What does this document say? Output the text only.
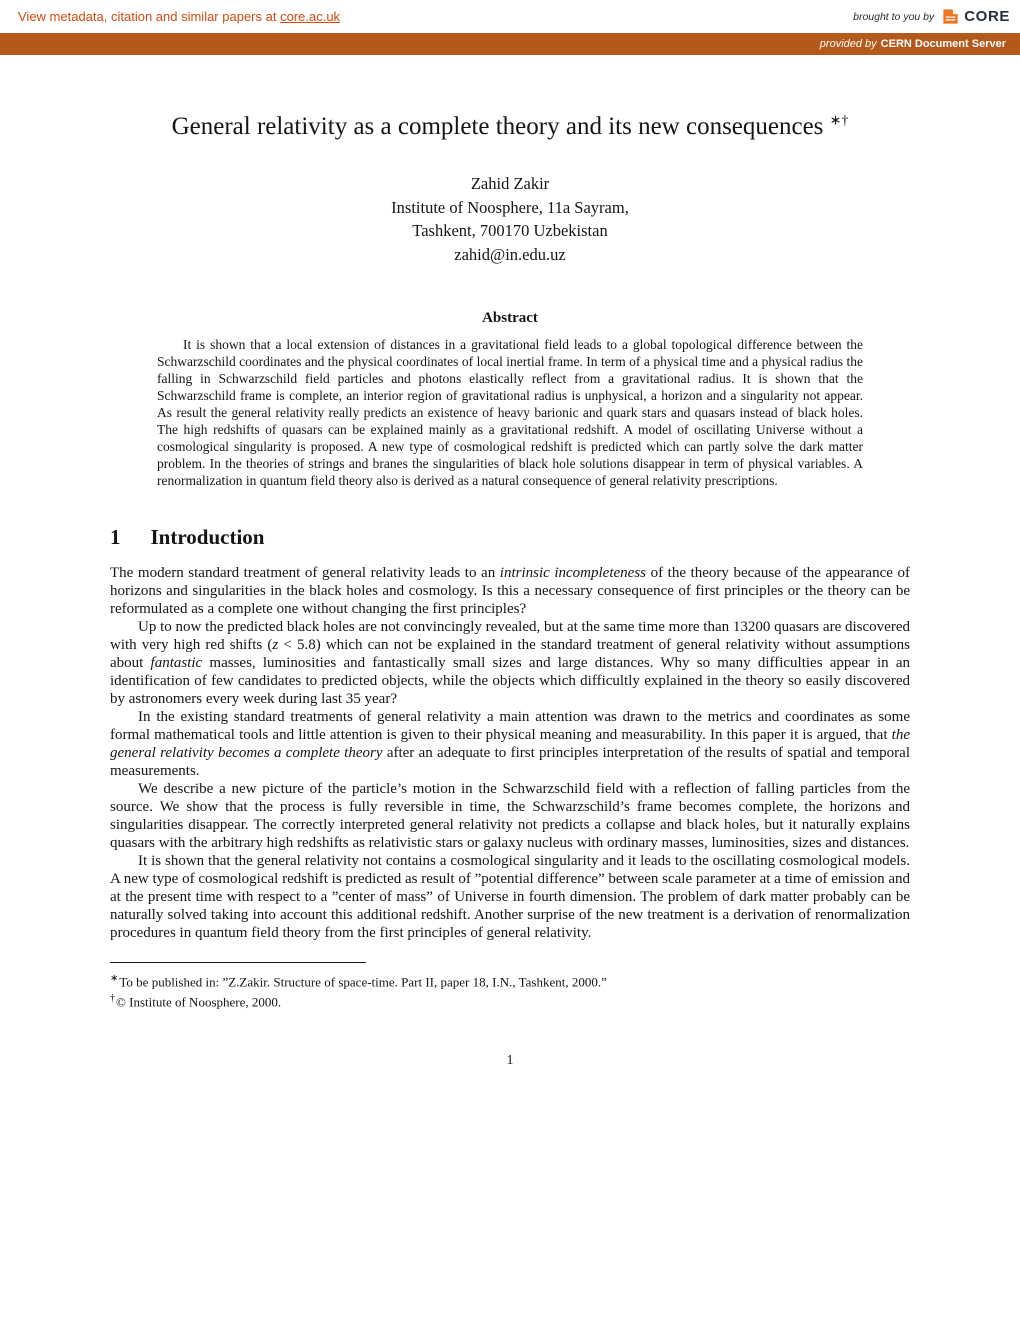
View metadata, citation and similar papers at core.ac.uk	brought to you by CORE
provided by CERN Document Server
General relativity as a complete theory and its new consequences ∗†
Zahid Zakir
Institute of Noosphere, 11a Sayram,
Tashkent, 700170 Uzbekistan
zahid@in.edu.uz
Abstract
It is shown that a local extension of distances in a gravitational field leads to a global topological difference between the Schwarzschild coordinates and the physical coordinates of local inertial frame. In term of a physical time and a physical radius the falling in Schwarzschild field particles and photons elastically reflect from a gravitational radius. It is shown that the Schwarzschild frame is complete, an interior region of gravitational radius is unphysical, a horizon and a singularity not appear. As result the general relativity really predicts an existence of heavy barionic and quark stars and quasars instead of black holes. The high redshifts of quasars can be explained mainly as a gravitational redshift. A model of oscillating Universe without a cosmological singularity is proposed. A new type of cosmological redshift is predicted which can partly solve the dark matter problem. In the theories of strings and branes the singularities of black hole solutions disappear in term of physical variables. A renormalization in quantum field theory also is derived as a natural consequence of general relativity prescriptions.
1 Introduction

The modern standard treatment of general relativity leads to an intrinsic incompleteness of the theory because of the appearance of horizons and singularities in the black holes and cosmology. Is this a necessary consequence of first principles or the theory can be reformulated as a complete one without changing the first principles?

Up to now the predicted black holes are not convincingly revealed, but at the same time more than 13200 quasars are discovered with very high red shifts (z < 5.8) which can not be explained in the standard treatment of general relativity without assumptions about fantastic masses, luminosities and fantastically small sizes and large distances. Why so many difficulties appear in an identification of few candidates to predicted objects, while the objects which difficultly explained in the theory so easily discovered by astronomers every week during last 35 year?

In the existing standard treatments of general relativity a main attention was drawn to the metrics and coordinates as some formal mathematical tools and little attention is given to their physical meaning and measurability. In this paper it is argued, that the general relativity becomes a complete theory after an adequate to first principles interpretation of the results of spatial and temporal measurements.

We describe a new picture of the particle’s motion in the Schwarzschild field with a reflection of falling particles from the source. We show that the process is fully reversible in time, the Schwarzschild’s frame becomes complete, the horizons and singularities disappear. The correctly interpreted general relativity not predicts a collapse and black holes, but it naturally explains quasars with the arbitrary high redshifts as relativistic stars or galaxy nucleus with ordinary masses, luminosities, sizes and distances.

It is shown that the general relativity not contains a cosmological singularity and it leads to the oscillating cosmological models. A new type of cosmological redshift is predicted as result of ”potential difference” between scale parameter at a time of emission and at the present time with respect to a ”center of mass” of Universe in fourth dimension. The problem of dark matter probably can be naturally solved taking into account this additional redshift. Another surprise of the new treatment is a derivation of renormalization procedures in quantum field theory from the first principles of general relativity.

∗To be published in: ”Z.Zakir. Structure of space-time. Part II, paper 18, I.N., Tashkent, 2000.”
†© Institute of Noosphere, 2000.
1
